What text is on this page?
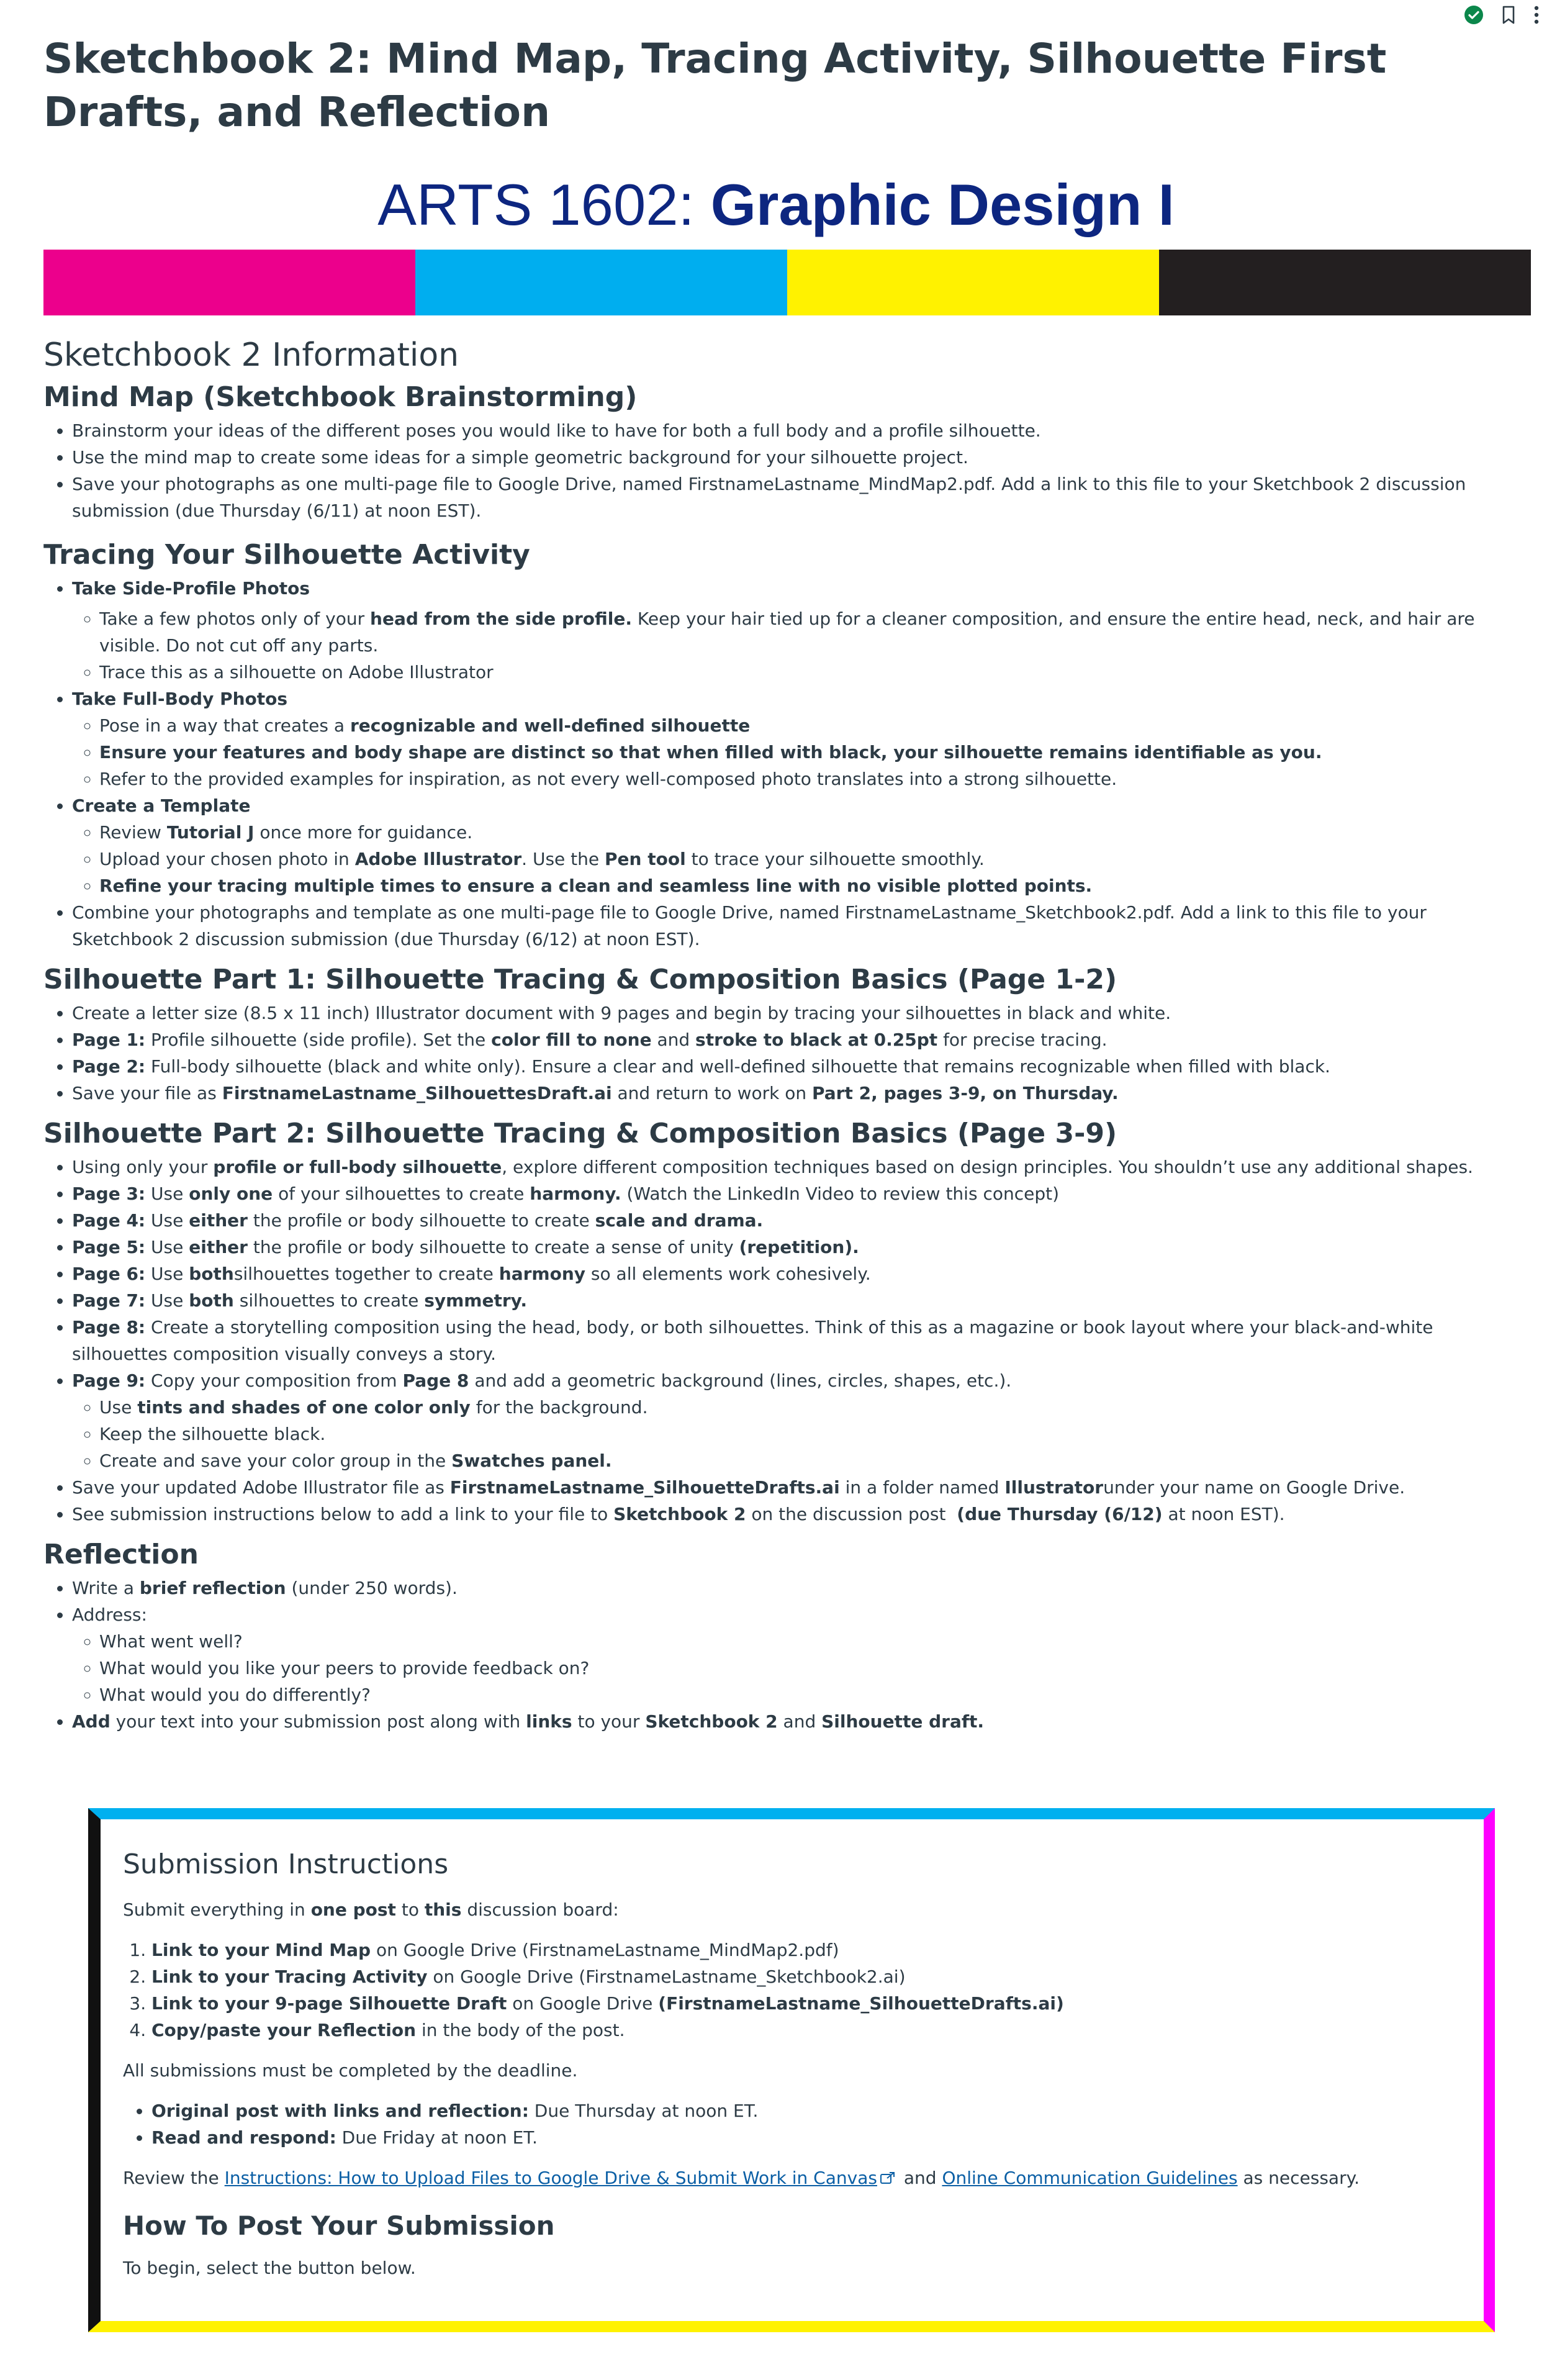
Sketchbook 2: Mind Map, Tracing Activity, Silhouette First Drafts, and Reflection
ARTS 1602: Graphic Design I
Sketchbook 2 Information
Mind Map (Sketchbook Brainstorming)
• Brainstorm your ideas of the different poses you would like to have for both a full body and a profile silhouette.
• Use the mind map to create some ideas for a simple geometric background for your silhouette project.
• Save your photographs as one multi-page file to Google Drive, named FirstnameLastname_MindMap2.pdf. Add a link to this file to your Sketchbook 2 discussion submission (due Thursday (6/11) at noon EST).
Tracing Your Silhouette Activity
• Take Side-Profile Photos
◦ Take a few photos only of your head from the side profile. Keep your hair tied up for a cleaner composition, and ensure the entire head, neck, and hair are visible. Do not cut off any parts.
◦ Trace this as a silhouette on Adobe Illustrator
• Take Full-Body Photos
◦ Pose in a way that creates a recognizable and well-defined silhouette
◦ Ensure your features and body shape are distinct so that when filled with black, your silhouette remains identifiable as you.
◦ Refer to the provided examples for inspiration, as not every well-composed photo translates into a strong silhouette.
• Create a Template
◦ Review Tutorial J once more for guidance.
◦ Upload your chosen photo in Adobe Illustrator. Use the Pen tool to trace your silhouette smoothly.
◦ Refine your tracing multiple times to ensure a clean and seamless line with no visible plotted points.
• Combine your photographs and template as one multi-page file to Google Drive, named FirstnameLastname_Sketchbook2.pdf. Add a link to this file to your Sketchbook 2 discussion submission (due Thursday (6/12) at noon EST).
Silhouette Part 1: Silhouette Tracing & Composition Basics (Page 1-2)
• Create a letter size (8.5 x 11 inch) Illustrator document with 9 pages and begin by tracing your silhouettes in black and white.
• Page 1: Profile silhouette (side profile). Set the color fill to none and stroke to black at 0.25pt for precise tracing.
• Page 2: Full-body silhouette (black and white only). Ensure a clear and well-defined silhouette that remains recognizable when filled with black.
• Save your file as FirstnameLastname_SilhouettesDraft.ai and return to work on Part 2, pages 3-9, on Thursday.
Silhouette Part 2: Silhouette Tracing & Composition Basics (Page 3-9)
• Using only your profile or full-body silhouette, explore different composition techniques based on design principles. You shouldn’t use any additional shapes.
• Page 3: Use only one of your silhouettes to create harmony. (Watch the LinkedIn Video to review this concept)
• Page 4: Use either the profile or body silhouette to create scale and drama.
• Page 5: Use either the profile or body silhouette to create a sense of unity (repetition).
• Page 6: Use bothsilhouettes together to create harmony so all elements work cohesively.
• Page 7: Use both silhouettes to create symmetry.
• Page 8: Create a storytelling composition using the head, body, or both silhouettes. Think of this as a magazine or book layout where your black-and-white silhouettes composition visually conveys a story.
• Page 9: Copy your composition from Page 8 and add a geometric background (lines, circles, shapes, etc.).
◦ Use tints and shades of one color only for the background.
◦ Keep the silhouette black.
◦ Create and save your color group in the Swatches panel.
• Save your updated Adobe Illustrator file as FirstnameLastname_SilhouetteDrafts.ai in a folder named Illustratorunder your name on Google Drive.
• See submission instructions below to add a link to your file to Sketchbook 2 on the discussion post  (due Thursday (6/12) at noon EST).
Reflection
• Write a brief reflection (under 250 words).
• Address:
◦ What went well?
◦ What would you like your peers to provide feedback on?
◦ What would you do differently?
• Add your text into your submission post along with links to your Sketchbook 2 and Silhouette draft.
Submission Instructions

Submit everything in one post to this discussion board:

1. Link to your Mind Map on Google Drive (FirstnameLastname_MindMap2.pdf)
2. Link to your Tracing Activity on Google Drive (FirstnameLastname_Sketchbook2.ai)
3. Link to your 9-page Silhouette Draft on Google Drive (FirstnameLastname_SilhouetteDrafts.ai)
4. Copy/paste your Reflection in the body of the post.

All submissions must be completed by the deadline.

• Original post with links and reflection: Due Thursday at noon ET.
• Read and respond: Due Friday at noon ET.

Review the Instructions: How to Upload Files to Google Drive & Submit Work in Canvas and Online Communication Guidelines as necessary.

How To Post Your Submission

To begin, select the button below.
